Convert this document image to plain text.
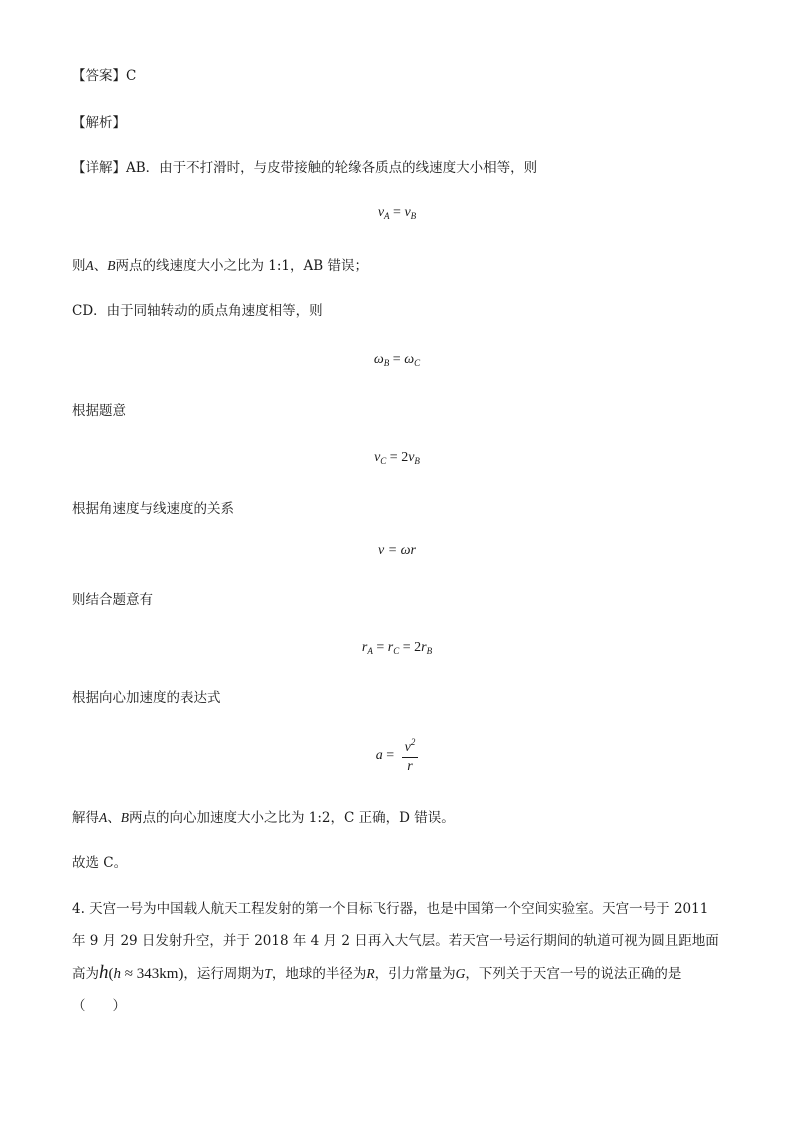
【答案】C
【解析】
【详解】AB．由于不打滑时，与皮带接触的轮缘各质点的线速度大小相等，则
$v_A = v_B$
则A、B两点的线速度大小之比为 1:1，AB 错误；
CD．由于同轴转动的质点角速度相等，则
$\omega_B = \omega_C$
根据题意
$v_C = 2v_B$
根据角速度与线速度的关系
v = ωr
则结合题意有
$r_A = r_C = 2r_B$
根据向心加速度的表达式
$a = \frac{v^2}{r}$
解得A、B两点的向心加速度大小之比为 1:2，C 正确，D 错误。
故选 C。
4. 天宫一号为中国载人航天工程发射的第一个目标飞行器，也是中国第一个空间实验室。天宫一号于 2011 年 9 月 29 日发射升空，并于 2018 年 4 月 2 日再入大气层。若天宫一号运行期间的轨道可视为圆且距地面高为h(h ≈ 343km)，运行周期为T，地球的半径为R，引力常量为G，下列关于天宫一号的说法正确的是（　　）
